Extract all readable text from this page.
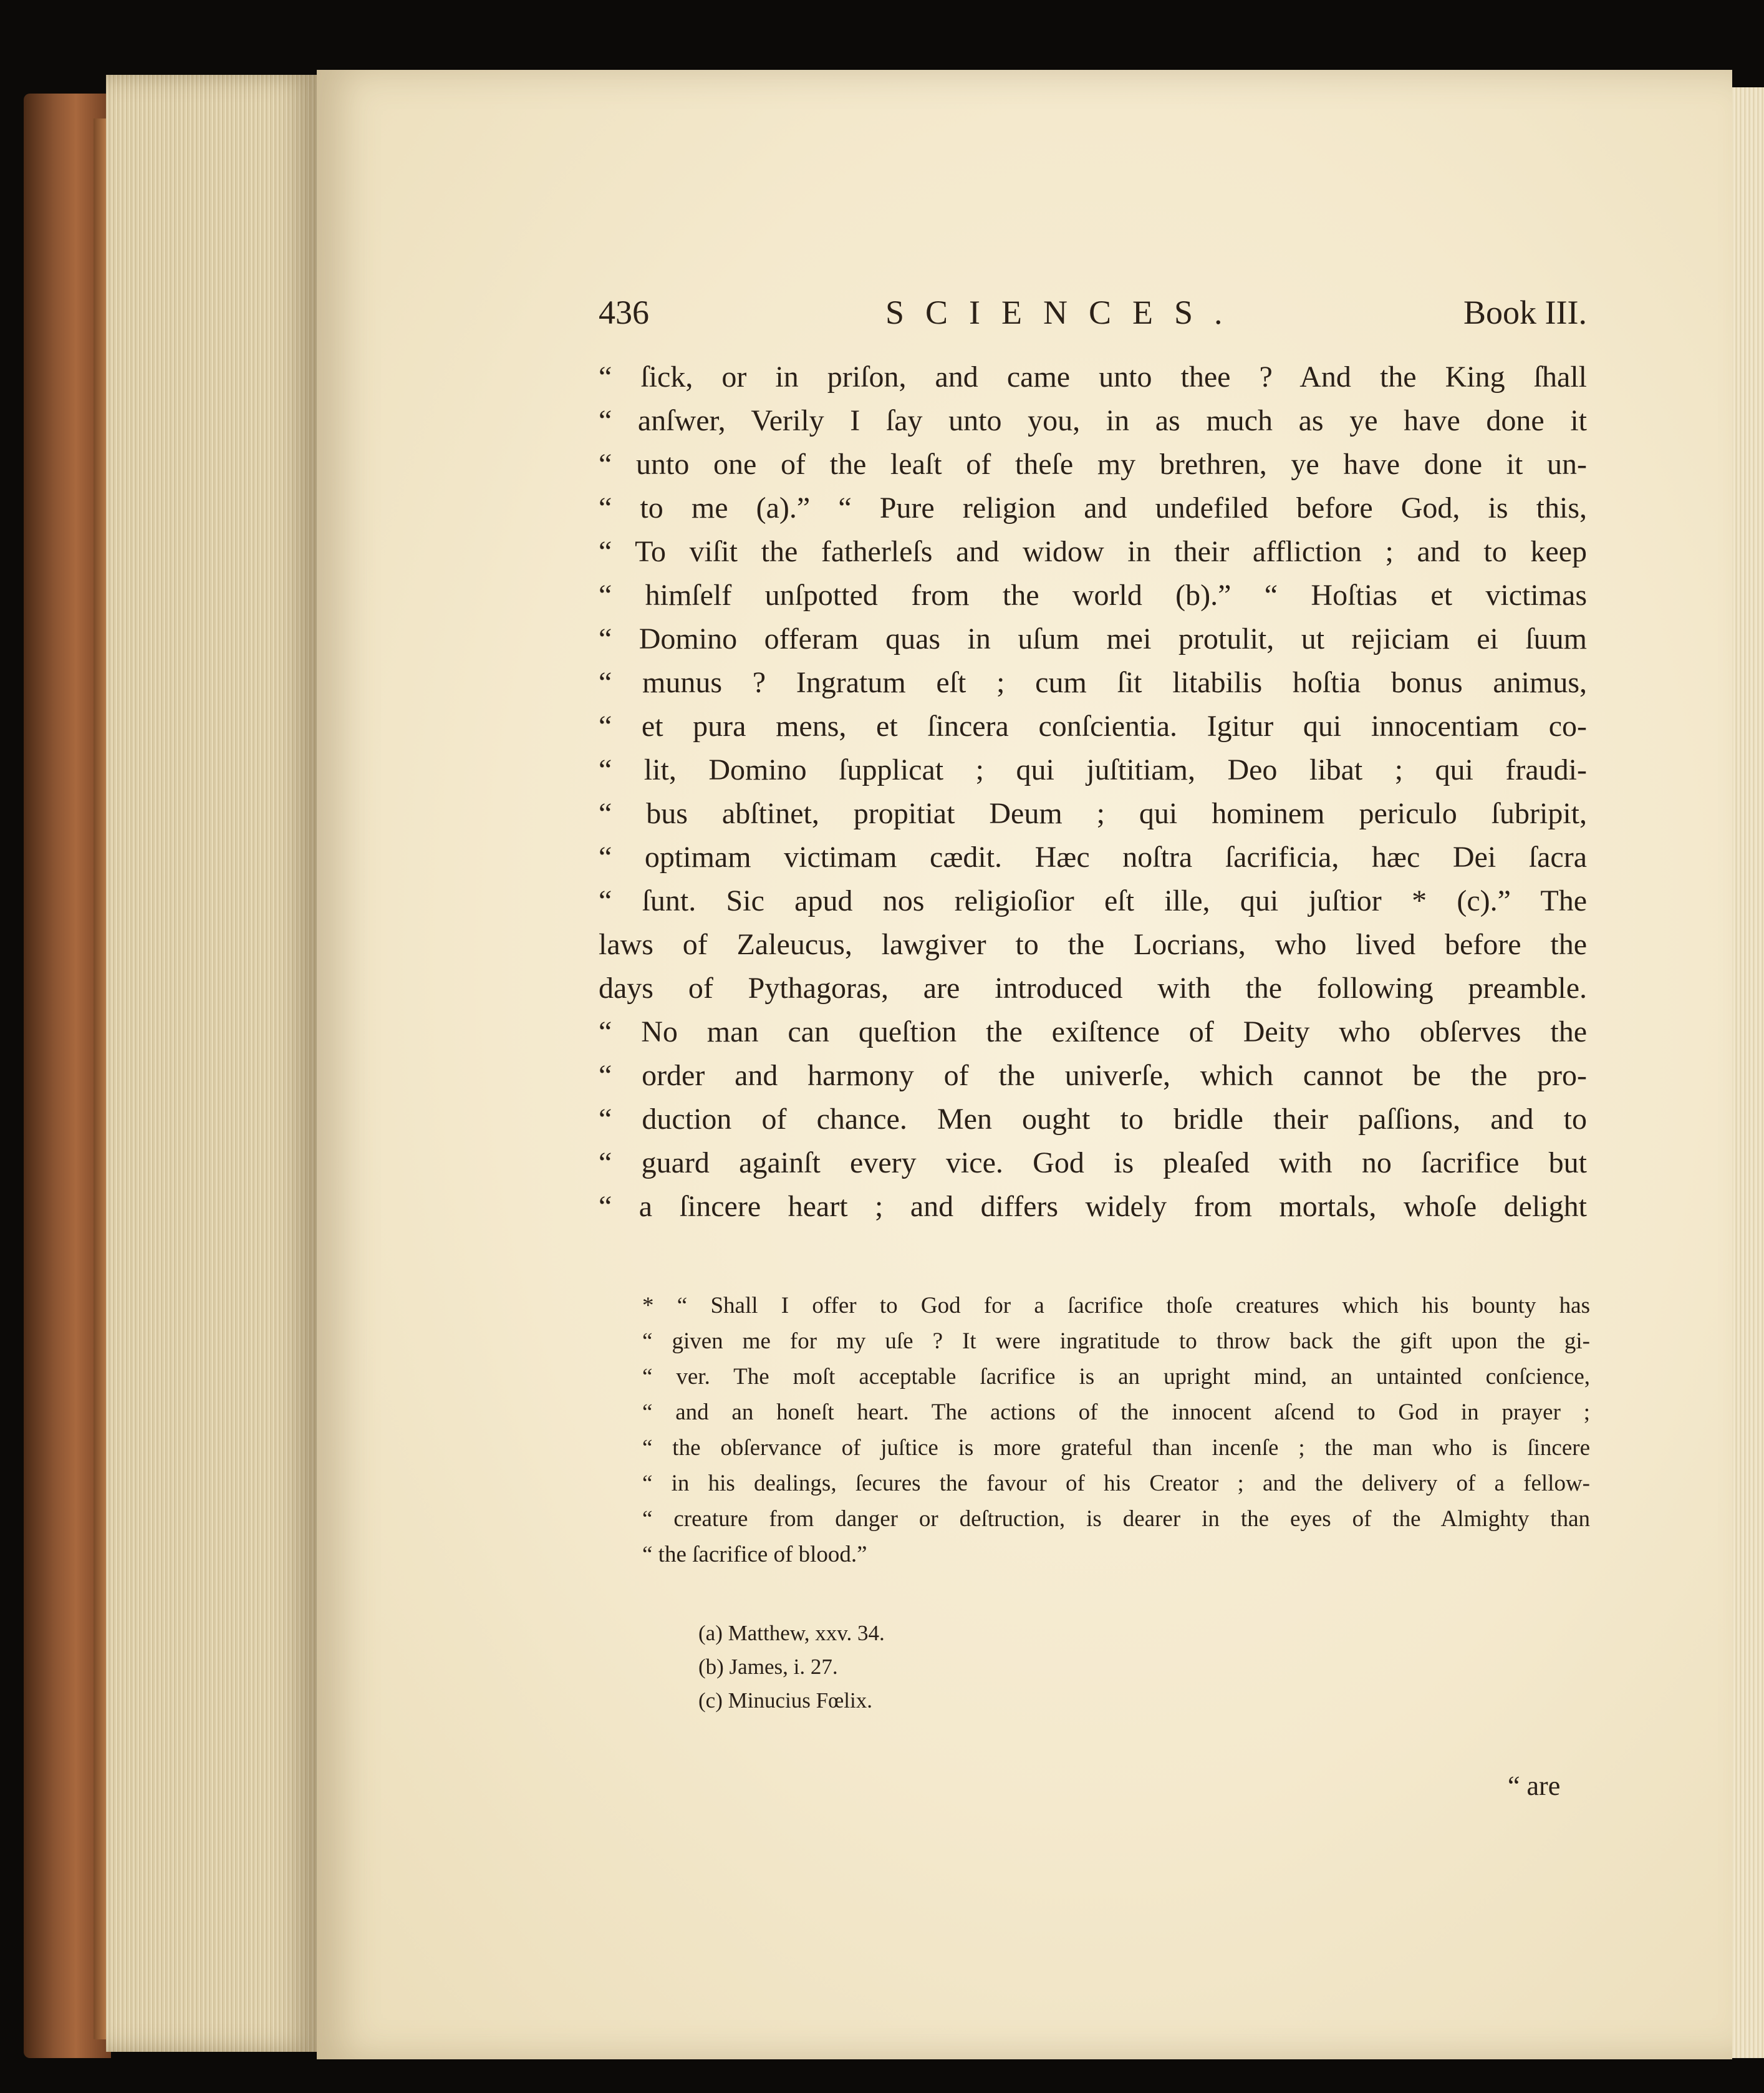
436	SCIENCES.	Book III.
“ ſick, or in priſon, and came unto thee ? And the King ſhall
“ anſwer, Verily I ſay unto you, in as much as ye have done it
“ unto one of the leaſt of theſe my brethren, ye have done it un-
“ to me (a).” “ Pure religion and undefiled before God, is this,
“ To viſit the fatherleſs and widow in their affliction ; and to keep
“ himſelf unſpotted from the world (b).” “ Hoſtias et victimas
“ Domino offeram quas in uſum mei protulit, ut rejiciam ei ſuum
“ munus ? Ingratum eſt ; cum ſit litabilis hoſtia bonus animus,
“ et pura mens, et ſincera conſcientia. Igitur qui innocentiam co-
“ lit, Domino ſupplicat ; qui juſtitiam, Deo libat ; qui fraudi-
“ bus abſtinet, propitiat Deum ; qui hominem periculo ſubripit,
“ optimam victimam cædit. Hæc noſtra ſacrificia, hæc Dei ſacra
“ ſunt. Sic apud nos religioſior eſt ille, qui juſtior * (c).” The
laws of Zaleucus, lawgiver to the Locrians, who lived before the
days of Pythagoras, are introduced with the following preamble.
“ No man can queſtion the exiſtence of Deity who obſerves the
“ order and harmony of the univerſe, which cannot be the pro-
“ duction of chance. Men ought to bridle their paſſions, and to
“ guard againſt every vice. God is pleaſed with no ſacrifice but
“ a ſincere heart ; and differs widely from mortals, whoſe delight
* “ Shall I offer to God for a ſacrifice thoſe creatures which his bounty has
“ given me for my uſe ? It were ingratitude to throw back the gift upon the gi-
“ ver. The moſt acceptable ſacrifice is an upright mind, an untainted conſcience,
“ and an honeſt heart. The actions of the innocent aſcend to God in prayer ;
“ the obſervance of juſtice is more grateful than incenſe ; the man who is ſincere
“ in his dealings, ſecures the favour of his Creator ; and the delivery of a fellow-
“ creature from danger or deſtruction, is dearer in the eyes of the Almighty than
“ the ſacrifice of blood.”
(a) Matthew, xxv. 34.
(b) James, i. 27.
(c) Minucius Fœlix.
“ are
